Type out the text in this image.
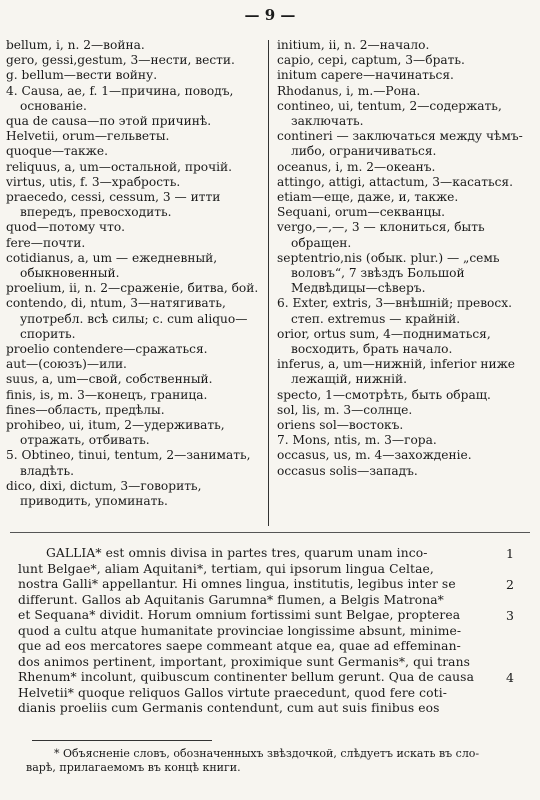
— 9 —

bellum, i, n. 2—война.

gero, gessi,gestum, 3—нести, вести.

g. bellum—вести войну.

4. Causa, ae, f. 1—причина, поводъ, основаніе.

qua de causa—по этой причинѣ.

Helvetii, orum—гельветы.

quoque—также.

reliquus, a, um—остальной, прочій.

virtus, utis, f. 3—храбрость.

praecedo, cessi, cessum, 3 — итти впередъ, превосходить.

quod—потому что.

fere—почти.

cotidianus, a, um — ежедневный, обыкновенный.

proelium, ii, n. 2—сраженіе, битва, бой.

contendo, di, ntum, 3—натягивать, употребл. всѣ силы; с. cum aliquo—спорить.

proelio contendere—сражаться.

aut—(союзъ)—или.

suus, a, um—свой, собственный.

finis, is, m. 3—конецъ, граница.

fines—область, предѣлы.

prohibeo, ui, itum, 2—удерживать, отражать, отбивать.

5. Obtineo, tinui, tentum, 2—занимать, владѣть.

dico, dixi, dictum, 3—говорить, приводить, упоминать.

initium, ii, n. 2—начало.

capio, cepi, captum, 3—брать.

initum capere—начинаться.

Rhodanus, i, m.—Рона.

contineo, ui, tentum, 2—содержать, заключать.

contineri — заключаться между чѣмъ-либо, ограничиваться.

oceanus, i, m. 2—океанъ.

attingo, attigi, attactum, 3—касаться.

etiam—еще, даже, и, также.

Sequani, orum—секванцы.

vergo,—,—, 3 — клониться, быть обращен.

septentrio,nis (обык. plur.) — „семь воловъ“, 7 звѣздъ Большой Медвѣдицы—сѣверъ.

6. Exter, extris, 3—внѣшній; превосх. степ. extremus — крайній.

orior, ortus sum, 4—подниматься, восходить, брать начало.

inferus, a, um—нижній, inferior ниже лежащій, нижній.

specto, 1—смотрѣть, быть обращ.

sol, lis, m. 3—солнце.

oriens sol—востокъ.

7. Mons, ntis, m. 3—гора.

occasus, us, m. 4—захожденіе.

occasus solis—западъ.

GALLIA* est omnis divisa in partes tres, quarum unam inco-
lunt Belgae*, aliam Aquitani*, tertiam, qui ipsorum lingua Celtae,
nostra Galli* appellantur. Hi omnes lingua, institutis, legibus inter se
differunt. Gallos ab Aquitanis Garumna* flumen, a Belgis Matrona*
et Sequana* dividit. Horum omnium fortissimi sunt Belgae, propterea
quod a cultu atque humanitate provinciae longissime absunt, minime-
que ad eos mercatores saepe commeant atque ea, quae ad effeminan-
dos animos pertinent, important, proximique sunt Germanis*, qui trans
Rhenum* incolunt, quibuscum continenter bellum gerunt. Qua de causa
Helvetii* quoque reliquos Gallos virtute praecedunt, quod fere coti-
dianis proeliis cum Germanis contendunt, cum aut suis finibus eos
1
2
3
4
* Объясненіе словъ, обозначенныхъ звѣздочкой, слѣдуетъ искать въ сло-
варѣ, прилагаемомъ въ концѣ книги.
